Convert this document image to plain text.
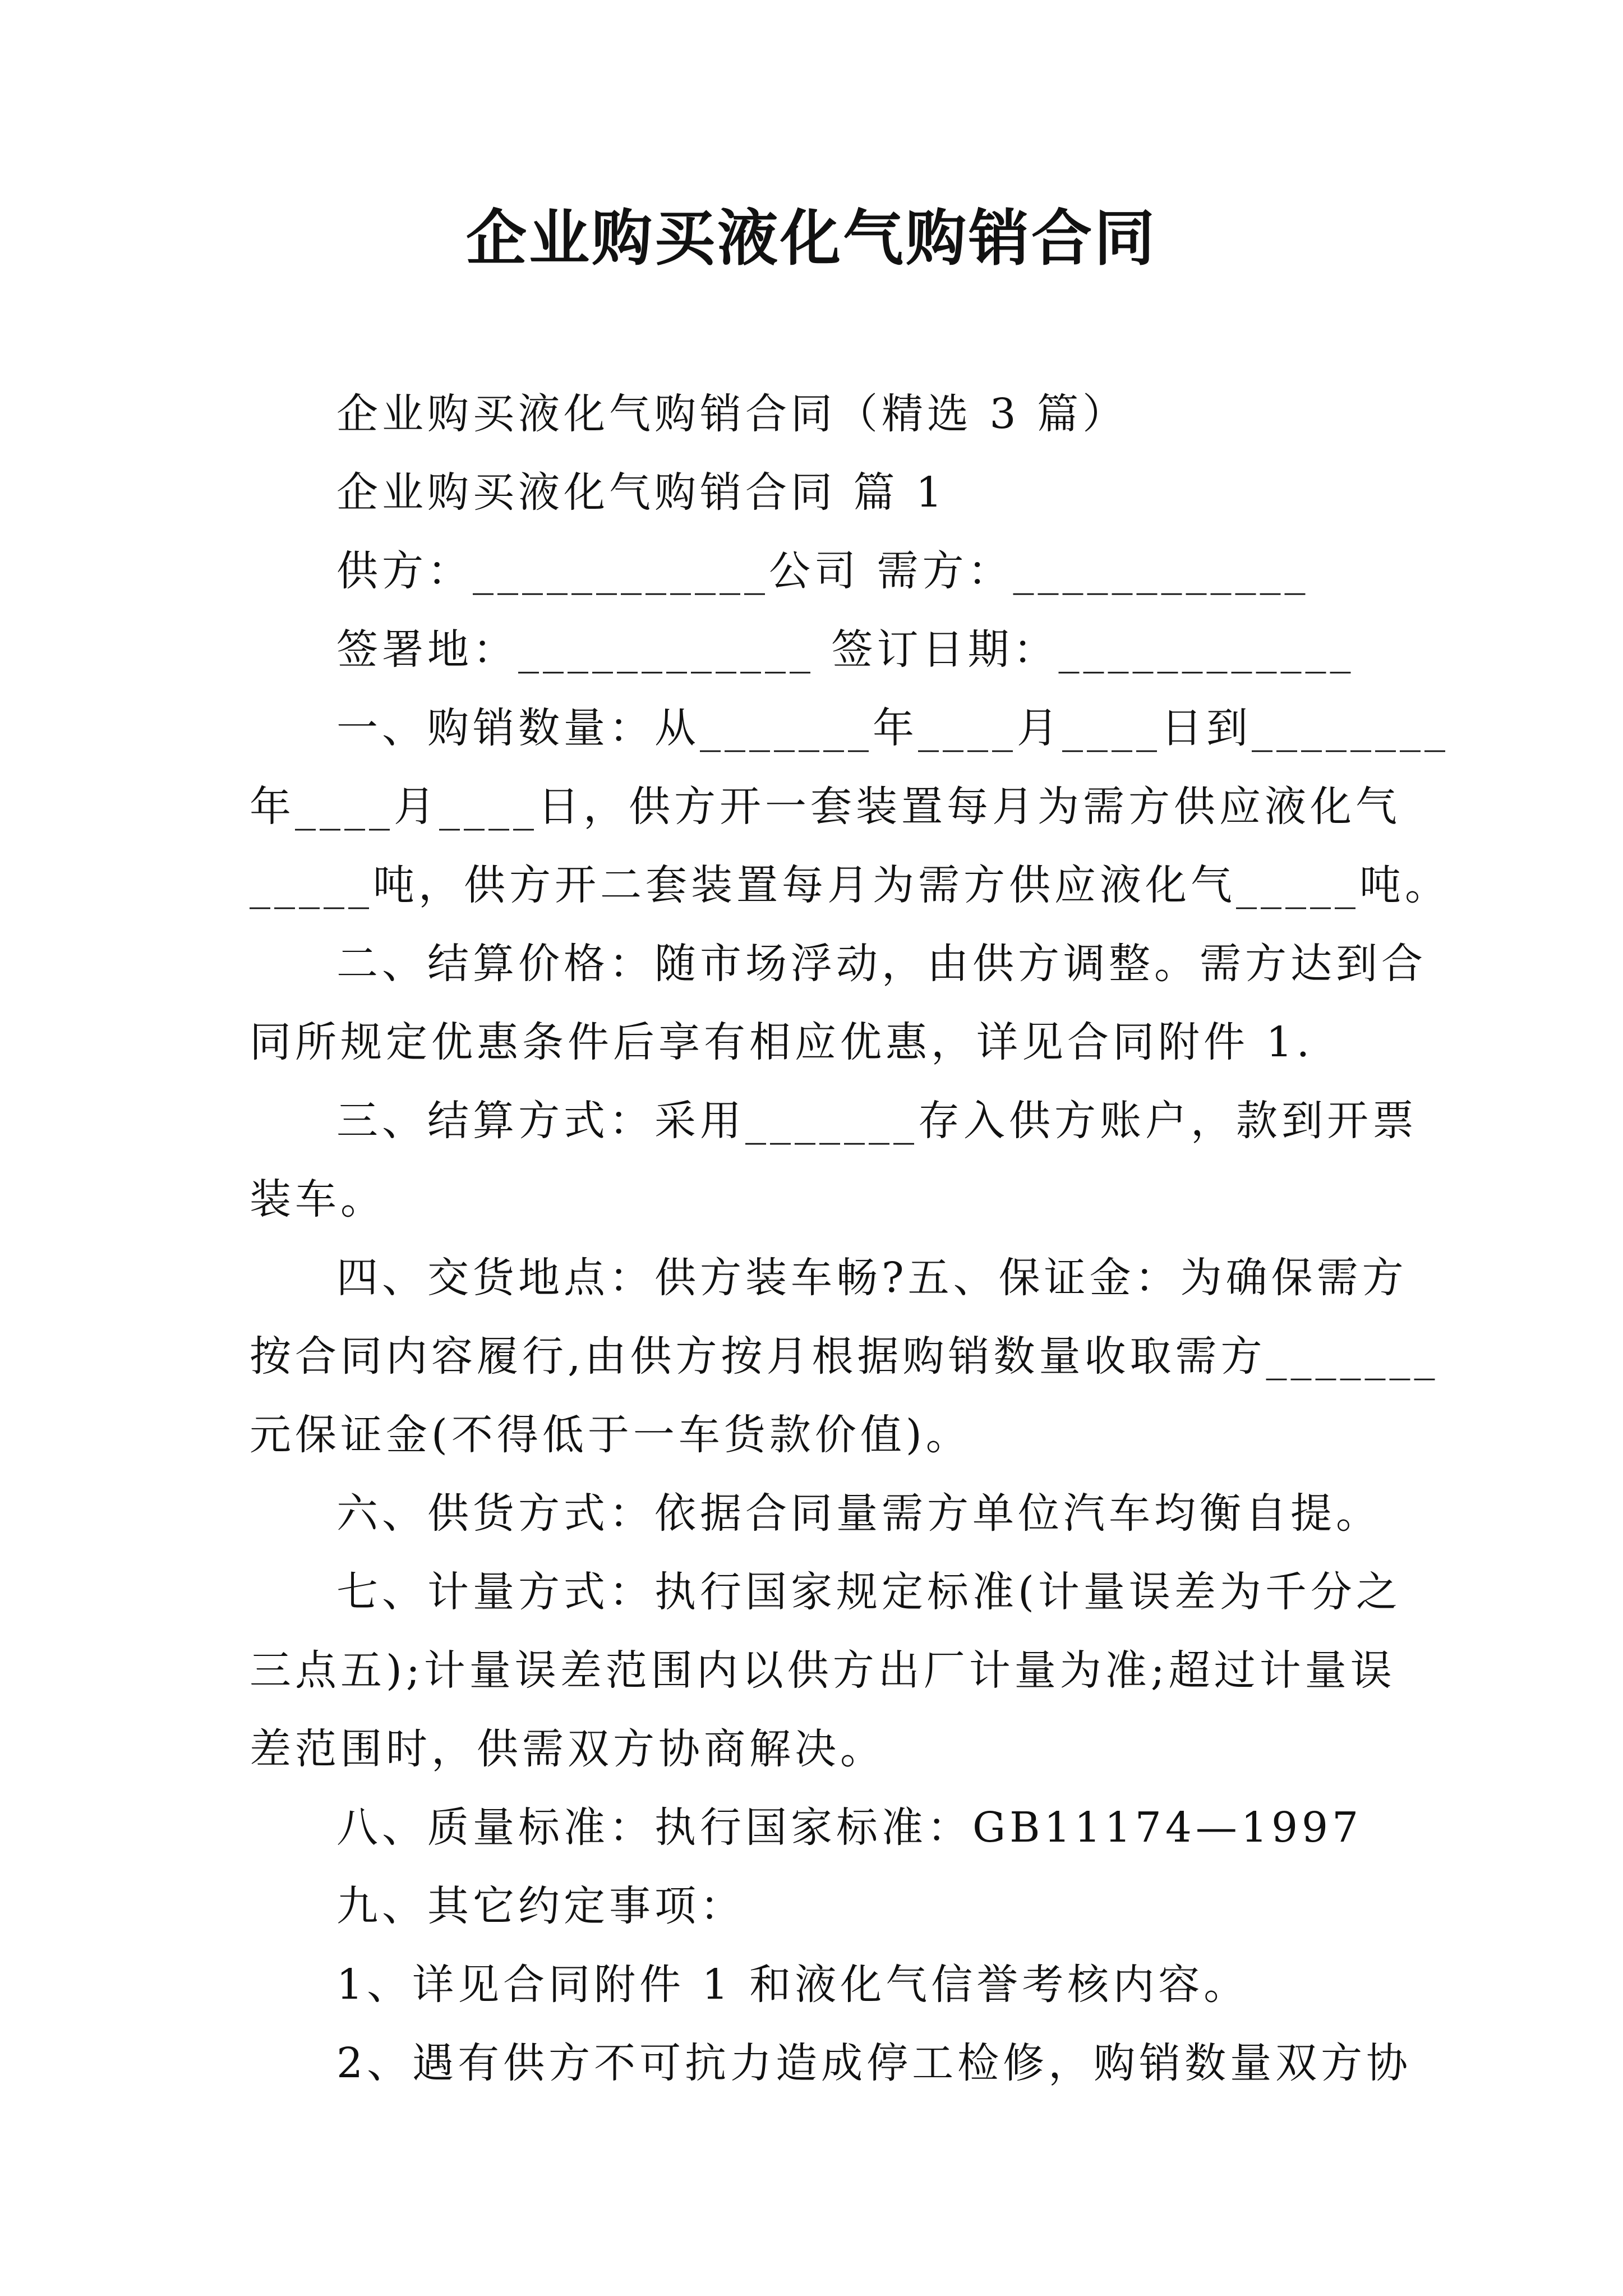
企业购买液化气购销合同
企业购买液化气购销合同（精选 3 篇）
企业购买液化气购销合同 篇 1
供方：____________公司 需方：____________
签署地：____________ 签订日期：____________
一、购销数量：从_______年____月____日到________
年____月____日，供方开一套装置每月为需方供应液化气
_____吨，供方开二套装置每月为需方供应液化气_____吨。
二、结算价格：随市场浮动，由供方调整。需方达到合
同所规定优惠条件后享有相应优惠，详见合同附件 1.
三、结算方式：采用_______存入供方账户，款到开票
装车。
四、交货地点：供方装车畅?五、保证金：为确保需方
按合同内容履行,由供方按月根据购销数量收取需方_______
元保证金(不得低于一车货款价值)。
六、供货方式：依据合同量需方单位汽车均衡自提。
七、计量方式：执行国家规定标准(计量误差为千分之
三点五);计量误差范围内以供方出厂计量为准;超过计量误
差范围时，供需双方协商解决。
八、质量标准：执行国家标准：GB11174—1997
九、其它约定事项：
1、详见合同附件 1 和液化气信誉考核内容。
2、遇有供方不可抗力造成停工检修，购销数量双方协
